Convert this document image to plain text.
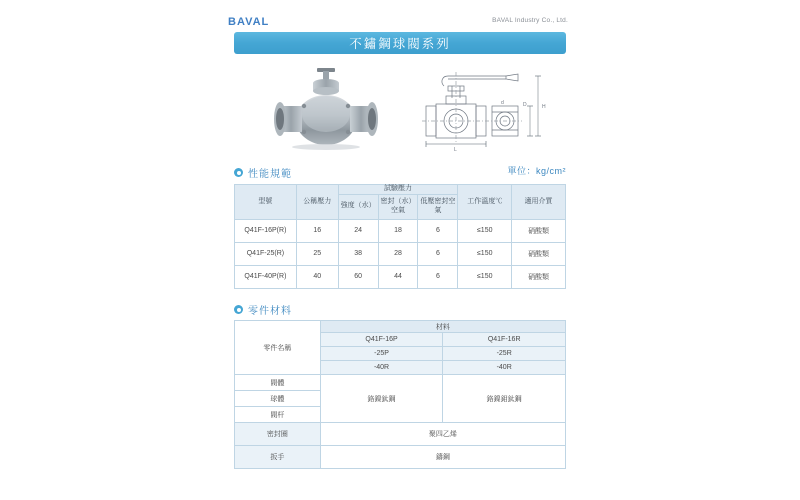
BAVAL	BAVAL Industry Co., Ltd.
不鏽鋼球閥系列
L
H
D
d
性能規範	單位：kg/cm²
型號	公稱壓力	試驗壓力			工作溫度℃	適用介質
		強度（水）	密封（水）空氣	低壓密封空氣		
Q41F-16P(R)	16	24	18	6	≤150	硝酸類
Q41F-25(R)	25	38	28	6	≤150	硝酸類
Q41F-40P(R)	40	60	44	6	≤150	硝酸類
零件材料
零件名稱	材料	
	Q41F-16P	Q41F-16R
	-25P	-25R
	-40R	-40R
閥體	鉻鎳鈦鋼	鉻鎳鉬鈦鋼
球體		
閥杆		
密封圈	聚四乙烯	
扳手	鑄鋼	
